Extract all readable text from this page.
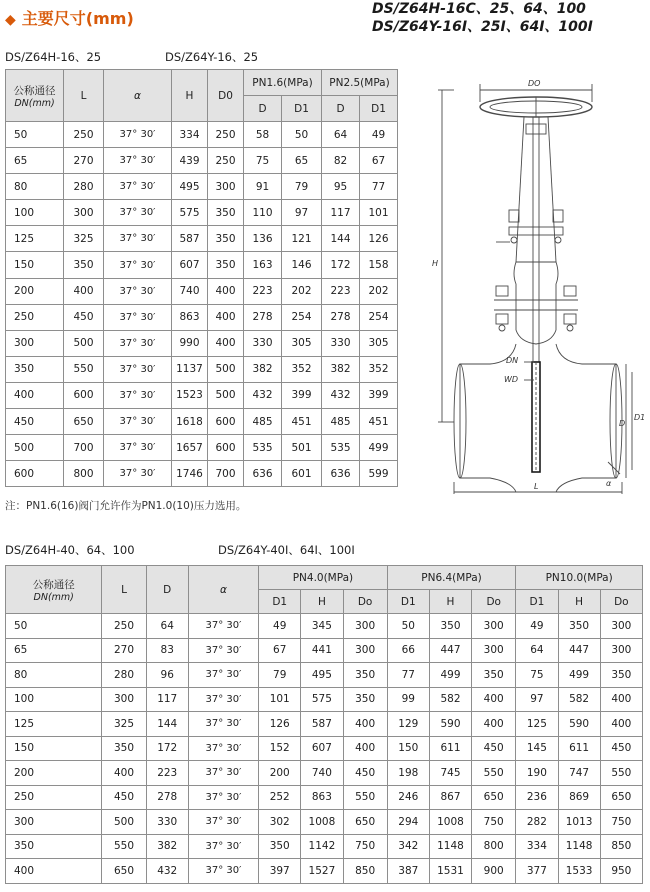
◆ 主要尺寸(mm)	DS/Z64H-16C、25、64、100
DS/Z64Y-16Ⅰ、25Ⅰ、64Ⅰ、100Ⅰ
DS/Z64H-16、25	DS/Z64Y-16、25
公称通径
DN(mm)	L	α	H	D0	PN1.6(MPa)		PN2.5(MPa)	
					D	D1	D	D1
50	250	37° 30′	334	250	58	50	64	49
65	270	37° 30′	439	250	75	65	82	67
80	280	37° 30′	495	300	91	79	95	77
100	300	37° 30′	575	350	110	97	117	101
125	325	37° 30′	587	350	136	121	144	126
150	350	37° 30′	607	350	163	146	172	158
200	400	37° 30′	740	400	223	202	223	202
250	450	37° 30′	863	400	278	254	278	254
300	500	37° 30′	990	400	330	305	330	305
350	550	37° 30′	1137	500	382	352	382	352
400	600	37° 30′	1523	500	432	399	432	399
450	650	37° 30′	1618	600	485	451	485	451
500	700	37° 30′	1657	600	535	501	535	499
600	800	37° 30′	1746	700	636	601	636	599
注：PN1.6(16)阀门允许作为PN1.0(10)压力选用。
DO
H
DN
WD
D
D1
L	α
DS/Z64H-40、64、100	DS/Z64Y-40Ⅰ、64Ⅰ、100Ⅰ
公称通径
DN(mm)	L	D	α	PN4.0(MPa)			PN6.4(MPa)			PN10.0(MPa)		
				D1	H	Do	D1	H	Do	D1	H	Do
50	250	64	37° 30′	49	345	300	50	350	300	49	350	300
65	270	83	37° 30′	67	441	300	66	447	300	64	447	300
80	280	96	37° 30′	79	495	350	77	499	350	75	499	350
100	300	117	37° 30′	101	575	350	99	582	400	97	582	400
125	325	144	37° 30′	126	587	400	129	590	400	125	590	400
150	350	172	37° 30′	152	607	400	150	611	450	145	611	450
200	400	223	37° 30′	200	740	450	198	745	550	190	747	550
250	450	278	37° 30′	252	863	550	246	867	650	236	869	650
300	500	330	37° 30′	302	1008	650	294	1008	750	282	1013	750
350	550	382	37° 30′	350	1142	750	342	1148	800	334	1148	850
400	650	432	37° 30′	397	1527	850	387	1531	900	377	1533	950
